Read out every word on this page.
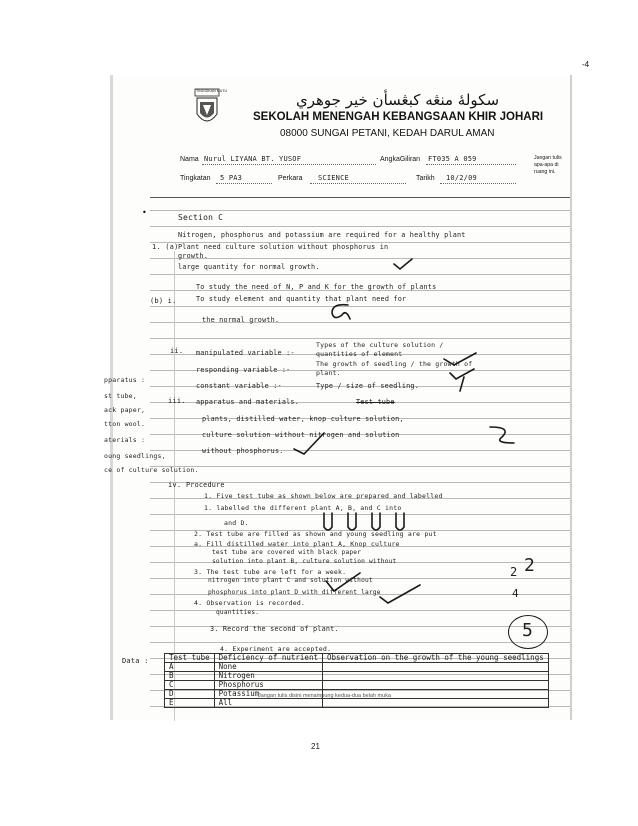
-4
TINGGIKAN MUTU	سکولهٔ منڠه کبڠسأن خير جوهري
SEKOLAH MENENGAH KEBANGSAAN KHIR JOHARI
08000 SUNGAI PETANI, KEDAH DARUL AMAN
Nama Nurul LIYANA BT. YUSOF	AngkaGiliran FT035 A 059
Tingkatan 5 PA3	Perkara SCIENCE	Tarikh 10/2/09
Jangan tulis apa-apa di ruang ini.
pparatus :
st tube,
ack paper,
tton wool.
aterials :
oung seedlings,
ce of culture solution.
Section C
•
1. (a)
Nitrogen, phosphorus and potassium are required for a healthy plant
Plant need culture solution without phosphorus in
growth.
large quantity for normal growth.
(b) i.
To study the need of N, P and K for the growth of plants
To study element and quantity that plant need for
the normal growth.
ii. manipulated variable :-
Types of the culture solution / quantities of element
responding variable :-
The growth of seedling / the growth of plant.
constant variable :-	Type / size of seedling.
iii. apparatus and materials.	Test tube
plants, distilled water, knop culture solution,
culture solution without nitrogen and solution
without phosphorus.
iv. Procedure
1. Five test tube as shown below are prepared and labelled
1. labelled the different plant A, B, and C into
and D.
2. Test tube are filled as shown and young seedling are put
a. Fill distilled water into plant A, Knop culture
test tube are covered with black paper
solution into plant B, culture solution without
3. The test tube are left for a week.
nitrogen into plant C and solution without
phosphorus into plant D with different large
4. Observation is recorded.
quantities.
3. Record the second of plant.
4. Experiment are accepted.
2
2
4
5
Data :	Test tube	Deficiency of nutrient	Observation on the growth of the young seedlings
A	None	
B	Nitrogen	
C	Phosphorus	
D	Potassium	
E	All	
Jangan tulis disini menampung kedua-dua belah muka
21
